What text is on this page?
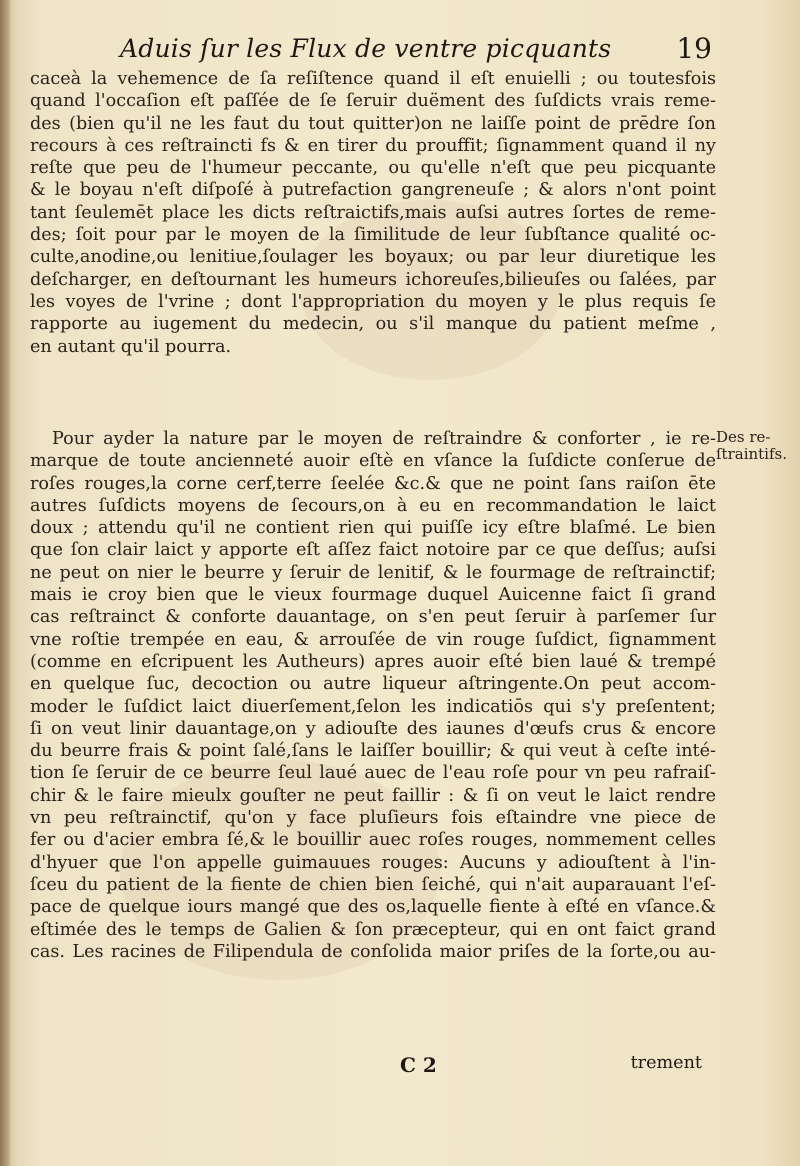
Aduis ſur les Flux de ventre picquants 19
caceà la vehemence de ſa reſiſtence quand il eſt enuielli ; ou toutesfois
quand l'occaſion eſt paſſée de ſe ſeruir duëment des ſuſdicts vrais reme-
des (bien qu'il ne les faut du tout quitter)on ne laiſſe point de prēdre ſon
recours à ces reſtraincti fs & en tirer du prouffit; ſignamment quand il ny
reſte que peu de l'humeur peccante, ou qu'elle n'eſt que peu picquante
& le boyau n'eſt diſpoſé à putrefaction gangreneuſe ; & alors n'ont point
tant ſeulemēt place les dicts reſtraictifs,mais auſsi autres ſortes de reme-
des; ſoit pour par le moyen de la ſimilitude de leur ſubſtance qualité oc-
culte,anodine,ou lenitiue,ſoulager les boyaux; ou par leur diuretique les
deſcharger, en deſtournant les humeurs ichoreuſes,bilieuſes ou ſalées, par
les voyes de l'vrine ; dont l'appropriation du moyen y le plus requis ſe
rapporte au iugement du medecin, ou s'il manque du patient meſme ,
en autant qu'il pourra.
Des re-
ſtraintifs.
Pour ayder la nature par le moyen de reſtraindre & conforter , ie re-
marque de toute ancienneté auoir eſtè en vſance la ſuſdicte conſerue de
roſes rouges,la corne cerf,terre ſeelée &c.& que ne point ſans raiſon ēte
autres ſuſdicts moyens de ſecours,on à eu en recommandation le laict
doux ; attendu qu'il ne contient rien qui puiſſe icy eſtre blaſmé. Le bien
que ſon clair laict y apporte eſt aſſez faict notoire par ce que deſſus; auſsi
ne peut on nier le beurre y ſeruir de lenitif, & le fourmage de reſtrainctif;
mais ie croy bien que le vieux fourmage duquel Auicenne faict ſi grand
cas reſtrainct & conforte dauantage, on s'en peut ſeruir à parſemer ſur
vne roſtie trempée en eau, & arrouſée de vin rouge ſuſdict, ſignamment
(comme en eſcripuent les Autheurs) apres auoir eſté bien laué & trempé
en quelque ſuc, decoction ou autre liqueur aſtringente.On peut accom-
moder le ſuſdict laict diuerſement,ſelon les indicatiōs qui s'y preſentent;
ſi on veut linir dauantage,on y adiouſte des iaunes d'œufs crus & encore
du beurre frais & point ſalé,ſans le laiſſer bouillir; & qui veut à ceſte inté-
tion ſe ſeruir de ce beurre ſeul laué auec de l'eau roſe pour vn peu rafraiſ-
chir & le faire mieulx gouſter ne peut faillir : & ſi on veut le laict rendre
vn peu reſtrainctif, qu'on y face pluſieurs fois eſtaindre vne piece de
fer ou d'acier embra ſé,& le bouillir auec roſes rouges, nommement celles
d'hyuer que l'on appelle guimauues rouges: Aucuns y adiouſtent à l'in-
ſceu du patient de la fiente de chien bien ſeiché, qui n'ait auparauant l'eſ-
pace de quelque iours mangé que des os,laquelle fiente à eſté en vſance.&
eſtimée des le temps de Galien & ſon præcepteur, qui en ont faict grand
cas. Les racines de Filipendula de conſolida maior priſes de la ſorte,ou au-
C 2	trement
